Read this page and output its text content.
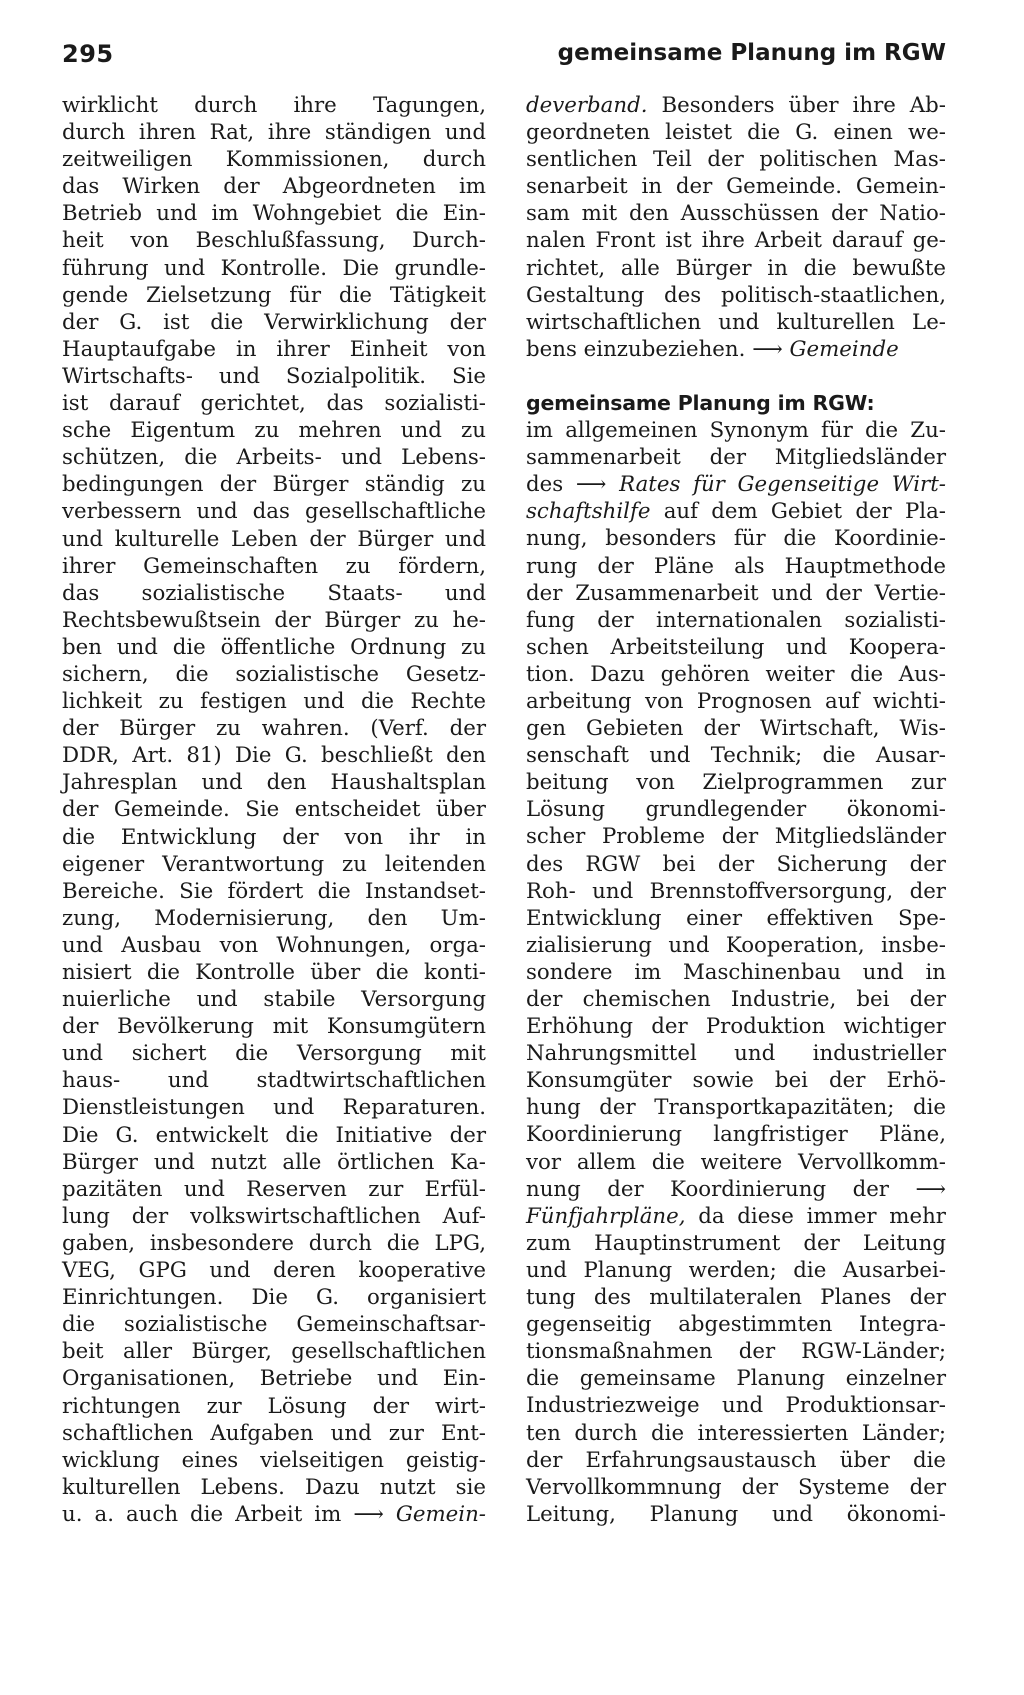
295	gemeinsame Planung im RGW
wirklicht durch ihre Tagungen,
durch ihren Rat, ihre ständigen und
zeitweiligen Kommissionen, durch
das Wirken der Abgeordneten im
Betrieb und im Wohngebiet die Ein-
heit von Beschlußfassung, Durch-
führung und Kontrolle. Die grundle-
gende Zielsetzung für die Tätigkeit
der G. ist die Verwirklichung der
Hauptaufgabe in ihrer Einheit von
Wirtschafts- und Sozialpolitik. Sie
ist darauf gerichtet, das sozialisti-
sche Eigentum zu mehren und zu
schützen, die Arbeits- und Lebens-
bedingungen der Bürger ständig zu
verbessern und das gesellschaftliche
und kulturelle Leben der Bürger und
ihrer Gemeinschaften zu fördern,
das sozialistische Staats- und
Rechtsbewußtsein der Bürger zu he-
ben und die öffentliche Ordnung zu
sichern, die sozialistische Gesetz-
lichkeit zu festigen und die Rechte
der Bürger zu wahren. (Verf. der
DDR, Art. 81) Die G. beschließt den
Jahresplan und den Haushaltsplan
der Gemeinde. Sie entscheidet über
die Entwicklung der von ihr in
eigener Verantwortung zu leitenden
Bereiche. Sie fördert die Instandset-
zung, Modernisierung, den Um-
und Ausbau von Wohnungen, orga-
nisiert die Kontrolle über die konti-
nuierliche und stabile Versorgung
der Bevölkerung mit Konsumgütern
und sichert die Versorgung mit
haus- und stadtwirtschaftlichen
Dienstleistungen und Reparaturen.
Die G. entwickelt die Initiative der
Bürger und nutzt alle örtlichen Ka-
pazitäten und Reserven zur Erfül-
lung der volkswirtschaftlichen Auf-
gaben, insbesondere durch die LPG,
VEG, GPG und deren kooperative
Einrichtungen. Die G. organisiert
die sozialistische Gemeinschaftsar-
beit aller Bürger, gesellschaftlichen
Organisationen, Betriebe und Ein-
richtungen zur Lösung der wirt-
schaftlichen Aufgaben und zur Ent-
wicklung eines vielseitigen geistig-
kulturellen Lebens. Dazu nutzt sie
u. a. auch die Arbeit im ⟶ Gemein-
deverband. Besonders über ihre Ab-
geordneten leistet die G. einen we-
sentlichen Teil der politischen Mas-
senarbeit in der Gemeinde. Gemein-
sam mit den Ausschüssen der Natio-
nalen Front ist ihre Arbeit darauf ge-
richtet, alle Bürger in die bewußte
Gestaltung des politisch-staatlichen,
wirtschaftlichen und kulturellen Le-
bens einzubeziehen. ⟶ Gemeinde
gemeinsame Planung im RGW:
im allgemeinen Synonym für die Zu-
sammenarbeit der Mitgliedsländer
des ⟶ Rates für Gegenseitige Wirt-
schaftshilfe auf dem Gebiet der Pla-
nung, besonders für die Koordinie-
rung der Pläne als Hauptmethode
der Zusammenarbeit und der Vertie-
fung der internationalen sozialisti-
schen Arbeitsteilung und Koopera-
tion. Dazu gehören weiter die Aus-
arbeitung von Prognosen auf wichti-
gen Gebieten der Wirtschaft, Wis-
senschaft und Technik; die Ausar-
beitung von Zielprogrammen zur
Lösung grundlegender ökonomi-
scher Probleme der Mitgliedsländer
des RGW bei der Sicherung der
Roh- und Brennstoffversorgung, der
Entwicklung einer effektiven Spe-
zialisierung und Kooperation, insbe-
sondere im Maschinenbau und in
der chemischen Industrie, bei der
Erhöhung der Produktion wichtiger
Nahrungsmittel und industrieller
Konsumgüter sowie bei der Erhö-
hung der Transportkapazitäten; die
Koordinierung langfristiger Pläne,
vor allem die weitere Vervollkomm-
nung der Koordinierung der ⟶
Fünfjahrpläne, da diese immer mehr
zum Hauptinstrument der Leitung
und Planung werden; die Ausarbei-
tung des multilateralen Planes der
gegenseitig abgestimmten Integra-
tionsmaßnahmen der RGW-Länder;
die gemeinsame Planung einzelner
Industriezweige und Produktionsar-
ten durch die interessierten Länder;
der Erfahrungsaustausch über die
Vervollkommnung der Systeme der
Leitung, Planung und ökonomi-
